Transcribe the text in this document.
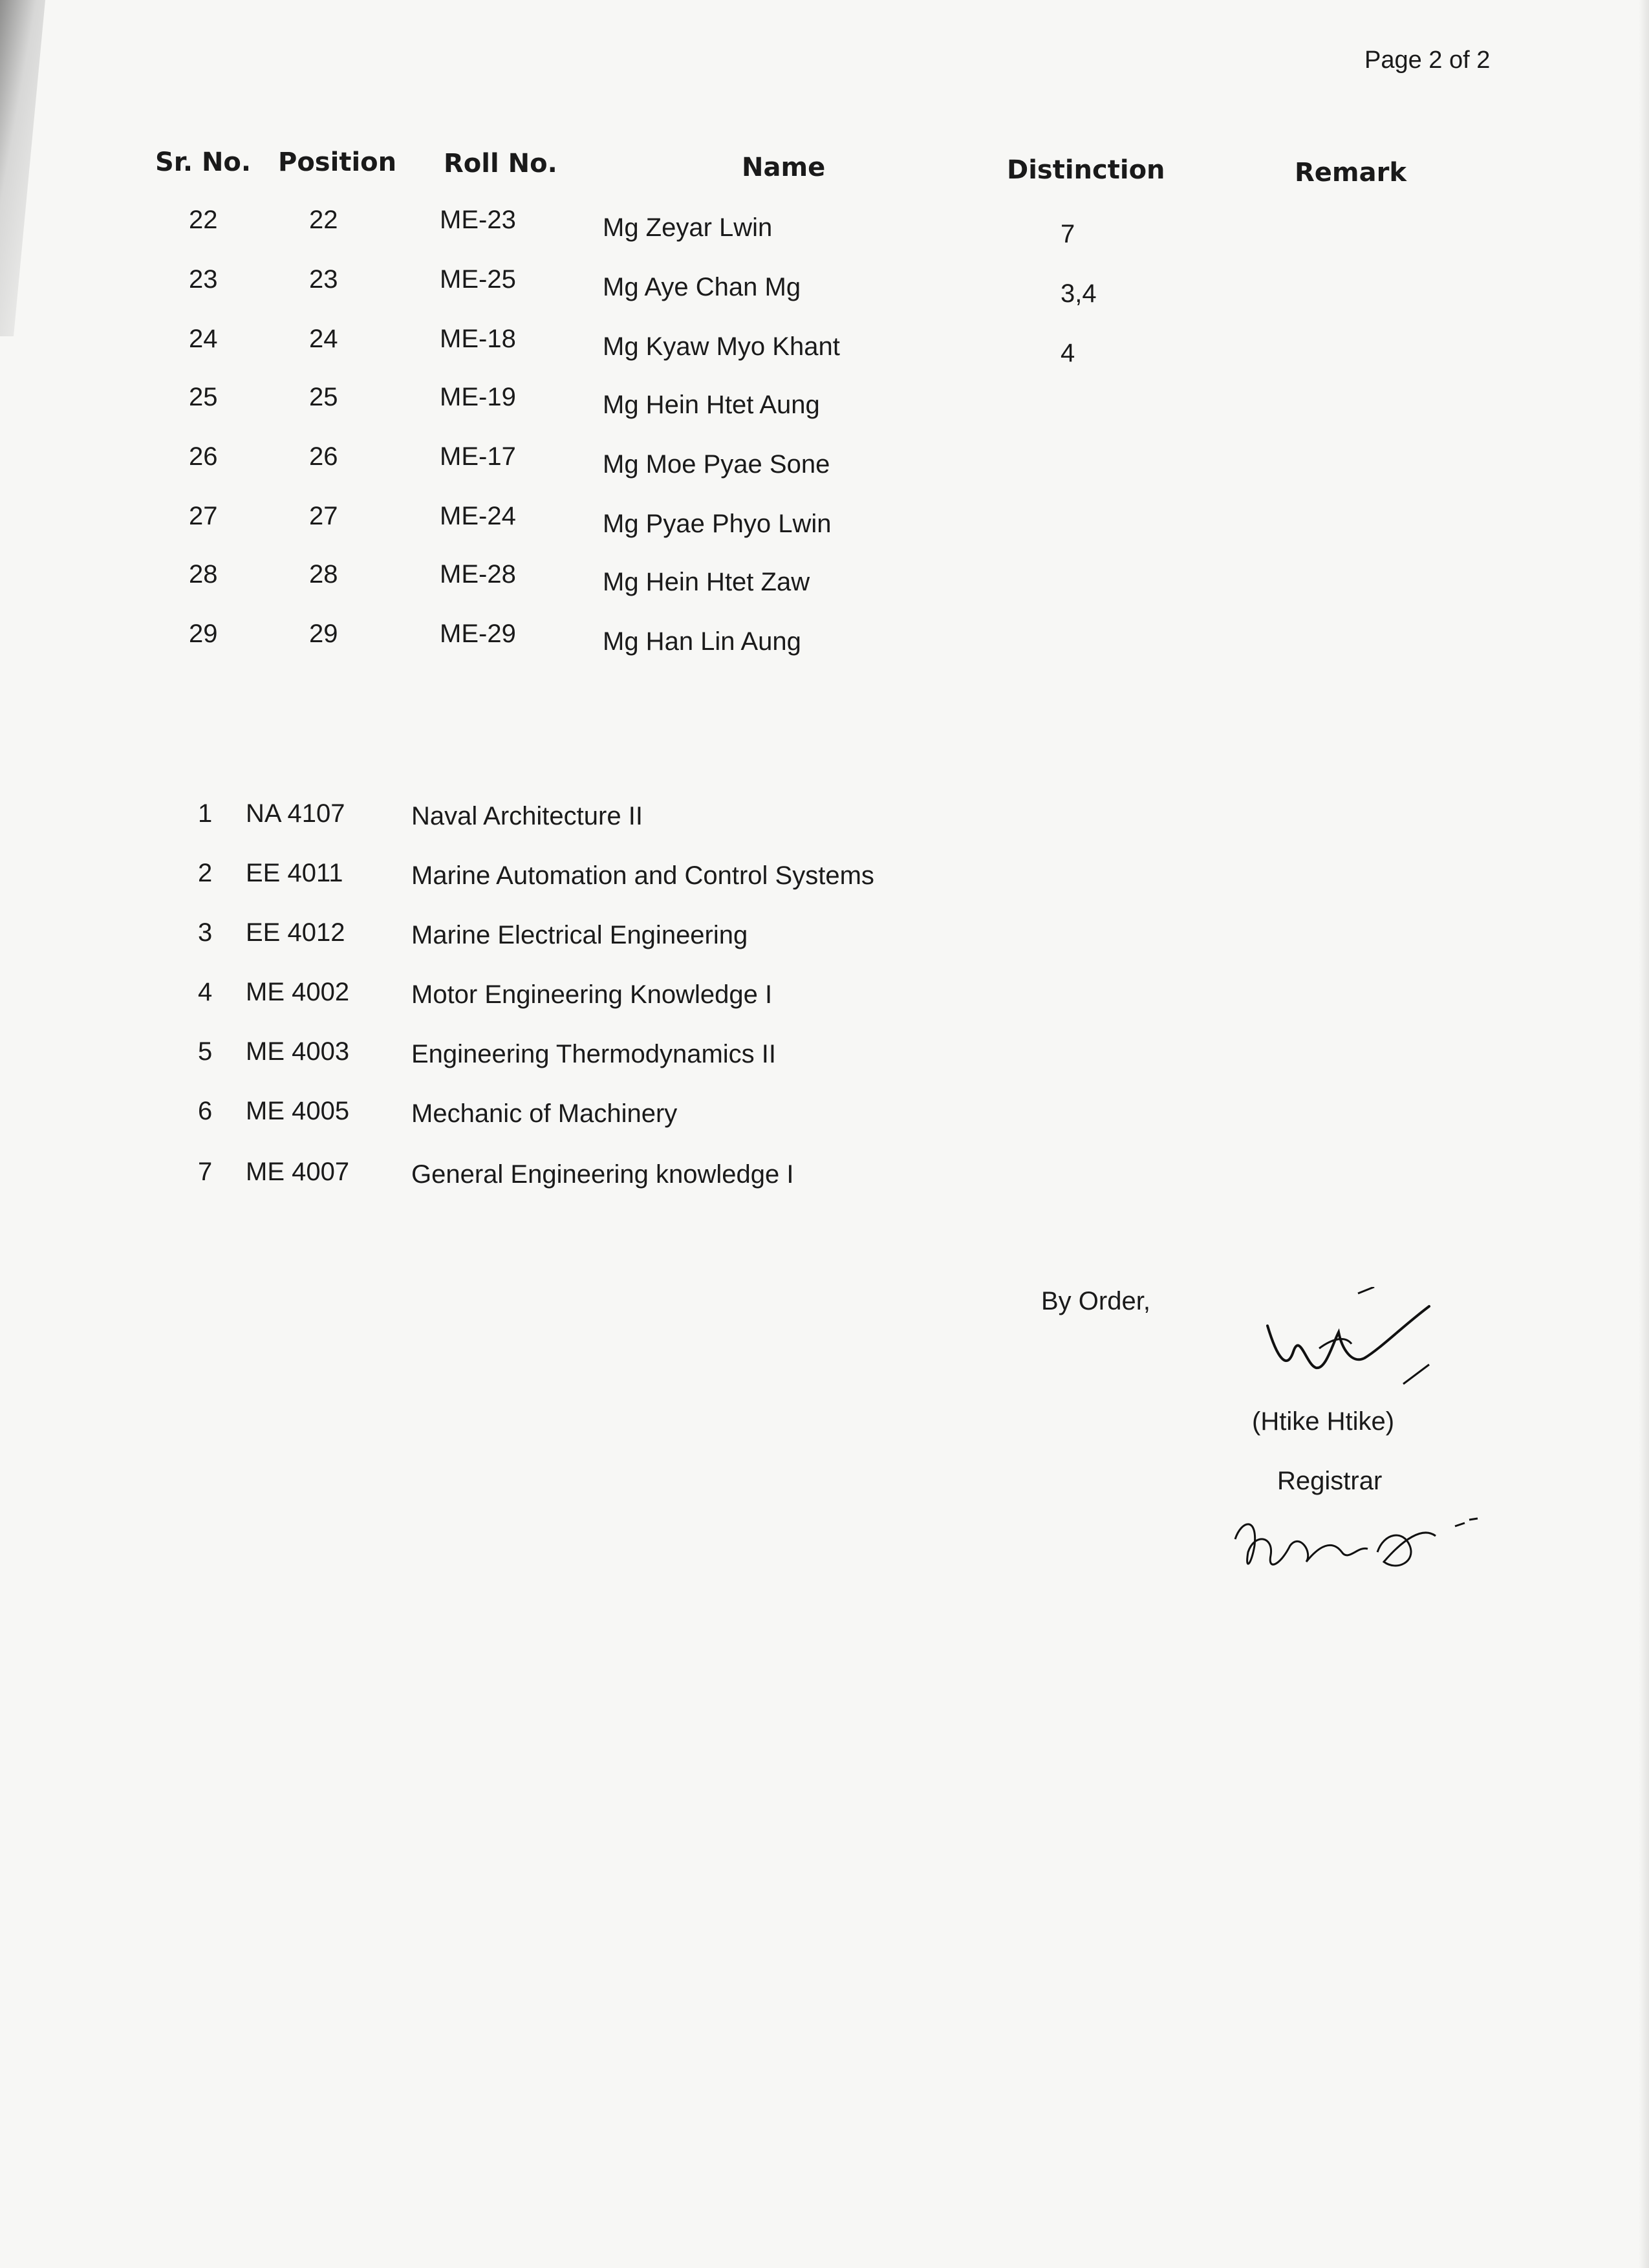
Page 2 of 2
Sr. No. Position Roll No.	Name	Distinction	Remark
22	22	ME-23	Mg Zeyar Lwin	7
23	23	ME-25	Mg Aye Chan Mg	3,4
24	24	ME-18	Mg Kyaw Myo Khant	4
25	25	ME-19	Mg Hein Htet Aung
26	26	ME-17	Mg Moe Pyae Sone
27	27	ME-24	Mg Pyae Phyo Lwin
28	28	ME-28	Mg Hein Htet Zaw
29	29	ME-29	Mg Han Lin Aung
1 NA 4107	Naval Architecture II
2 EE 4011	Marine Automation and Control Systems
3 EE 4012	Marine Electrical Engineering
4 ME 4002 Motor Engineering Knowledge I
5 ME 4003 Engineering Thermodynamics II
6 ME 4005 Mechanic of Machinery
7 ME 4007 General Engineering knowledge I
By Order,
(Htike Htike)
Registrar
